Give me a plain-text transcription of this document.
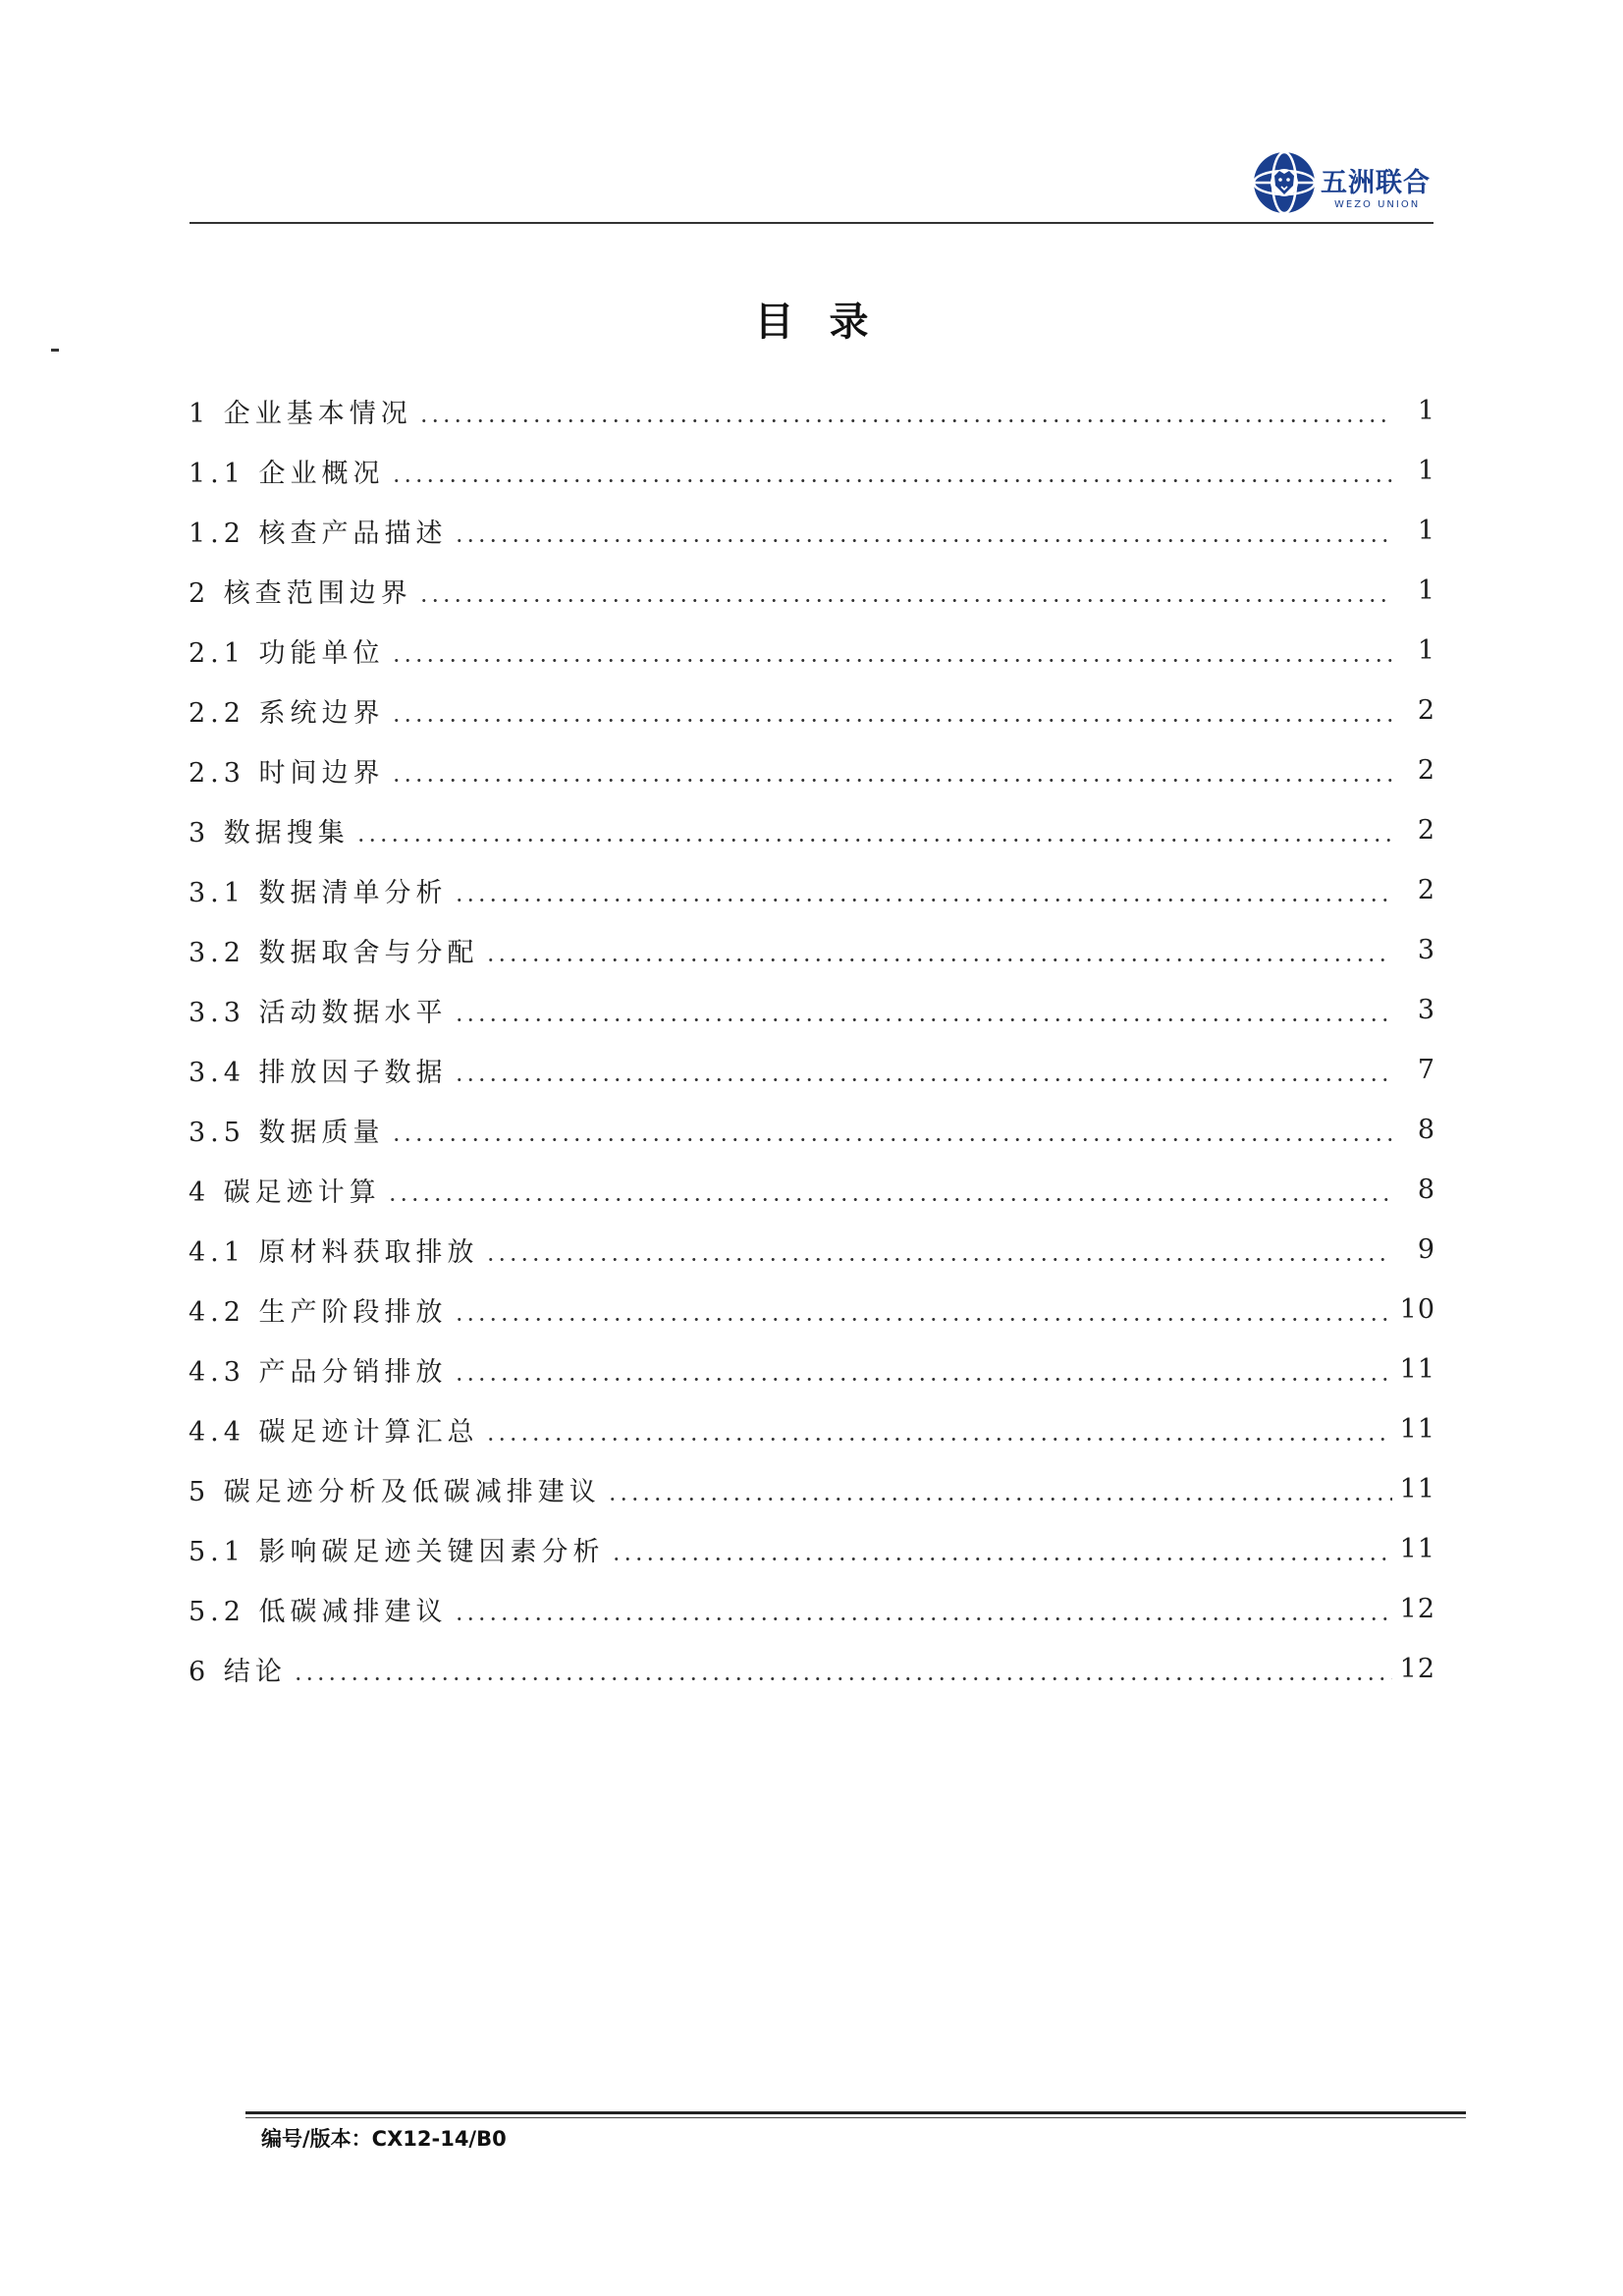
五洲联合
WEZO UNION
目录
1 企业基本情况	1
1.1 企业概况	1
1.2 核查产品描述	1
2 核查范围边界	1
2.1 功能单位	1
2.2 系统边界	2
2.3 时间边界	2
3 数据搜集	2
3.1 数据清单分析	2
3.2 数据取舍与分配	3
3.3 活动数据水平	3
3.4 排放因子数据	7
3.5 数据质量	8
4 碳足迹计算	8
4.1 原材料获取排放	9
4.2 生产阶段排放	10
4.3 产品分销排放	11
4.4 碳足迹计算汇总	11
5 碳足迹分析及低碳减排建议	11
5.1 影响碳足迹关键因素分析	11
5.2 低碳减排建议	12
6 结论	12
编号/版本：CX12-14/B0
